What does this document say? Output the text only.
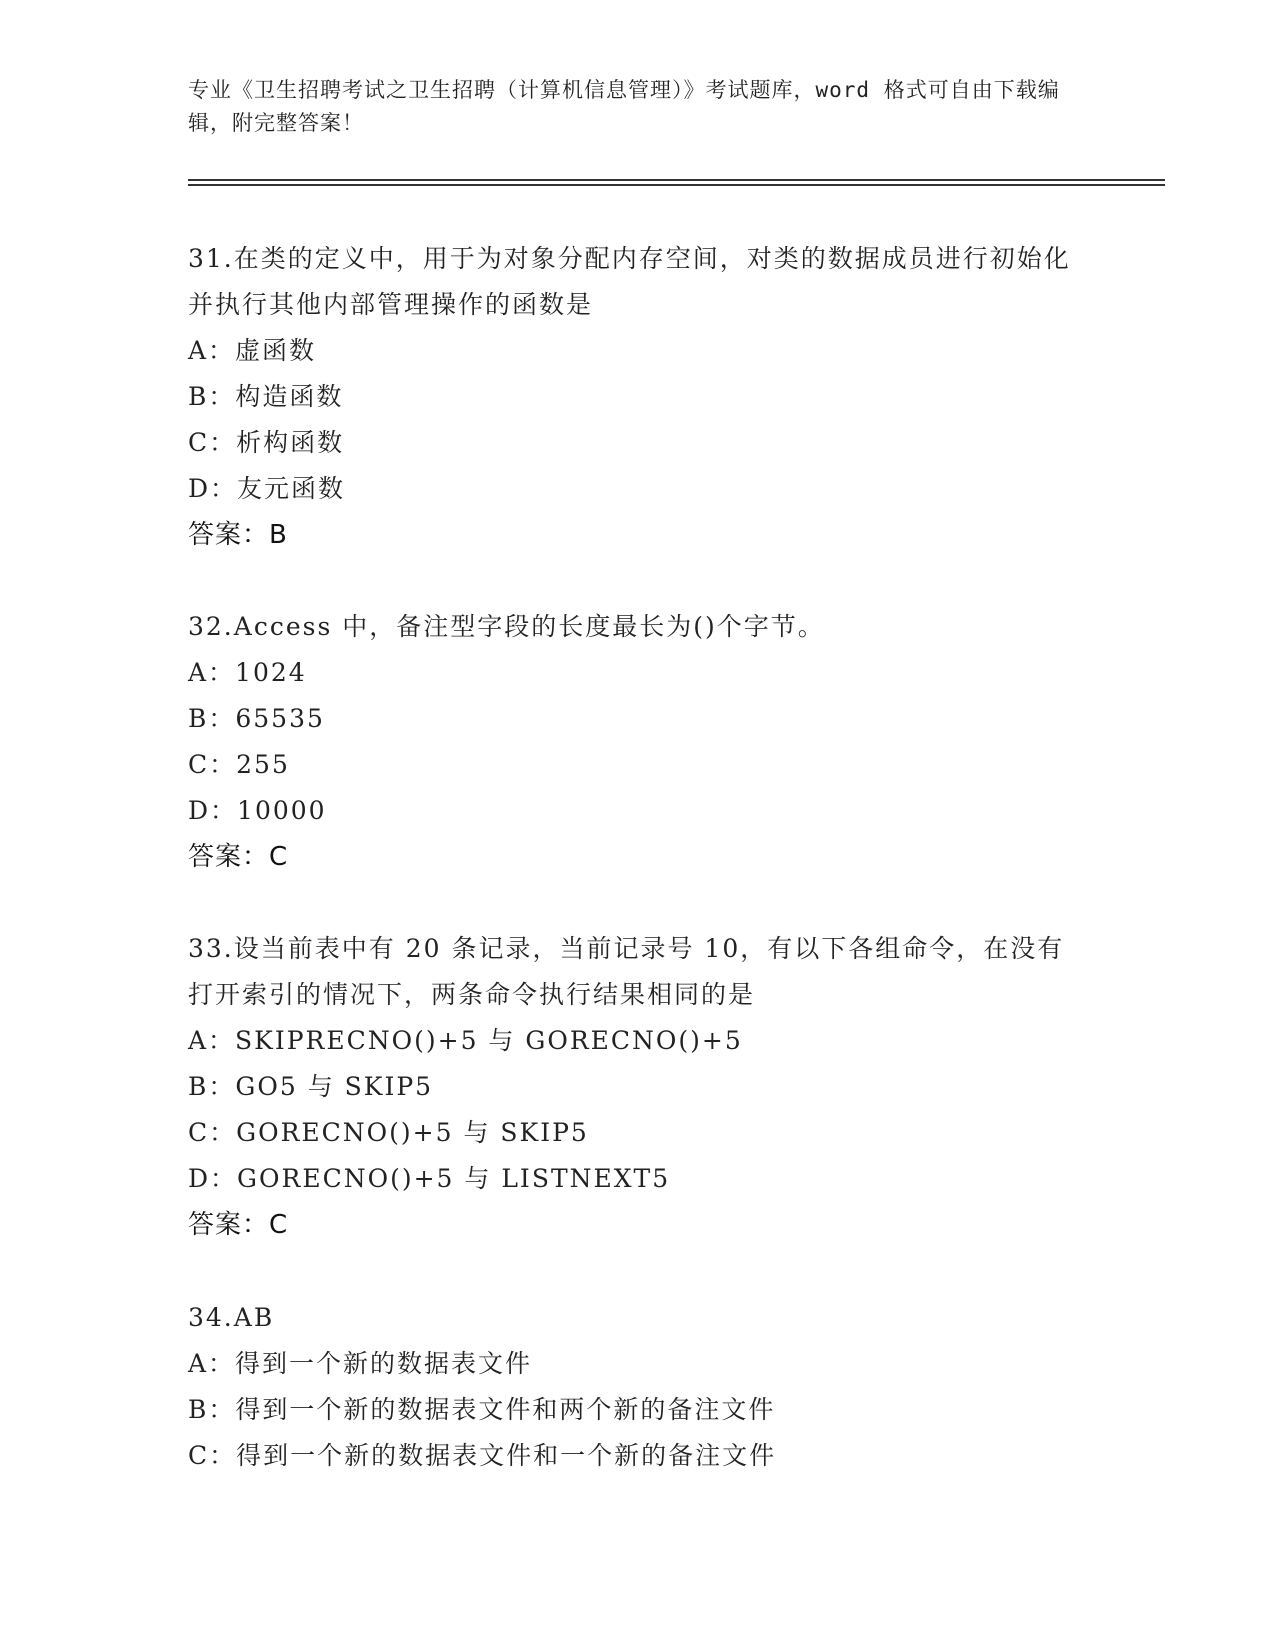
专业《卫生招聘考试之卫生招聘（计算机信息管理）》考试题库，word 格式可自由下载编辑，附完整答案！

31.在类的定义中，用于为对象分配内存空间，对类的数据成员进行初始化并执行其他内部管理操作的函数是

A：虚函数

B：构造函数

C：析构函数

D：友元函数

答案：B

32.Access 中，备注型字段的长度最长为()个字节。

A：1024

B：65535

C：255

D：10000

答案：C

33.设当前表中有 20 条记录，当前记录号 10，有以下各组命令，在没有打开索引的情况下，两条命令执行结果相同的是

A：SKIPRECNO()+5 与 GORECNO()+5

B：GO5 与 SKIP5

C：GORECNO()+5 与 SKIP5

D：GORECNO()+5 与 LISTNEXT5

答案：C

34.AB

A：得到一个新的数据表文件

B：得到一个新的数据表文件和两个新的备注文件

C：得到一个新的数据表文件和一个新的备注文件
